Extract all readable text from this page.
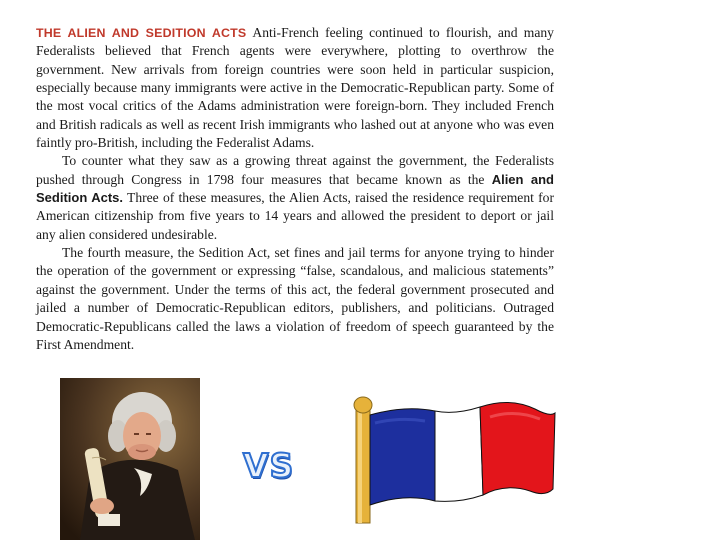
THE ALIEN AND SEDITION ACTS Anti-French feeling continued to flourish, and many Federalists believed that French agents were everywhere, plotting to overthrow the government. New arrivals from foreign countries were soon held in particular suspicion, especially because many immigrants were active in the Democratic-Republican party. Some of the most vocal critics of the Adams administration were foreign-born. They included French and British radicals as well as recent Irish immigrants who lashed out at anyone who was even faintly pro-British, including the Federalist Adams.

To counter what they saw as a growing threat against the government, the Federalists pushed through Congress in 1798 four measures that became known as the Alien and Sedition Acts. Three of these measures, the Alien Acts, raised the residence requirement for American citizenship from five years to 14 years and allowed the president to deport or jail any alien considered undesirable.

The fourth measure, the Sedition Act, set fines and jail terms for anyone trying to hinder the operation of the government or expressing “false, scandalous, and malicious statements” against the government. Under the terms of this act, the federal government prosecuted and jailed a number of Democratic-Republican editors, publishers, and politicians. Outraged Democratic-Republicans called the laws a violation of freedom of speech guaranteed by the First Amendment.

VS
